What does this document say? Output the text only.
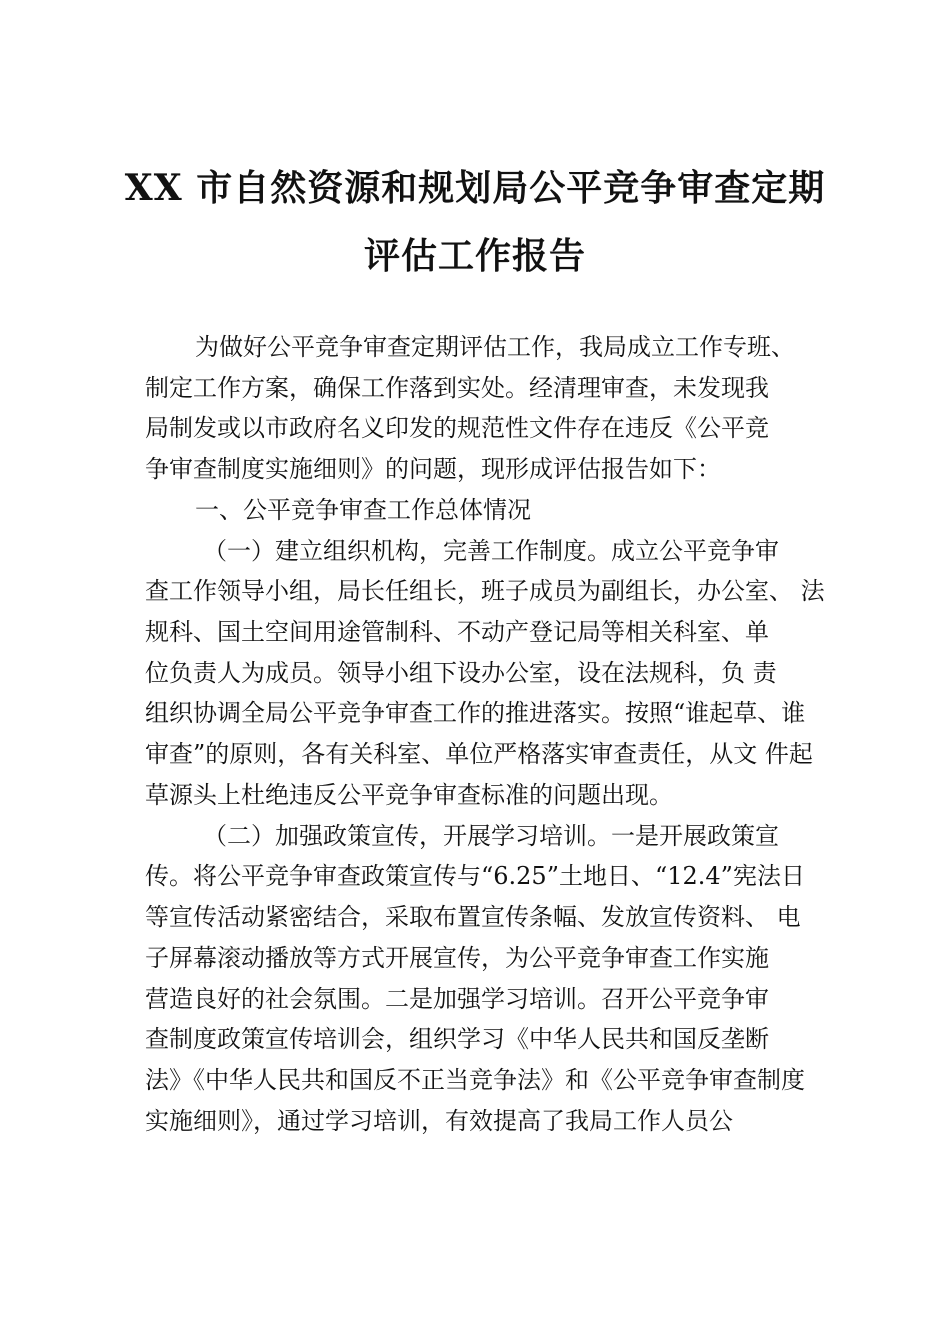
XX 市自然资源和规划局公平竞争审查定期
评估工作报告
为做好公平竞争审查定期评估工作，我局成立工作专班、
制定工作方案，确保工作落到实处。经清理审查，未发现我
局制发或以市政府名义印发的规范性文件存在违反《公平竞
争审查制度实施细则》的问题，现形成评估报告如下：
一、公平竞争审查工作总体情况
（一）建立组织机构，完善工作制度。成立公平竞争审
查工作领导小组，局长任组长，班子成员为副组长，办公室、 法
规科、国土空间用途管制科、不动产登记局等相关科室、单
位负责人为成员。领导小组下设办公室，设在法规科，负 责
组织协调全局公平竞争审查工作的推进落实。按照“谁起草、谁
审查”的原则，各有关科室、单位严格落实审查责任，从文 件起
草源头上杜绝违反公平竞争审查标准的问题出现。
（二）加强政策宣传，开展学习培训。一是开展政策宣
传。将公平竞争审查政策宣传与“6.25”土地日、“12.4”宪法日
等宣传活动紧密结合，采取布置宣传条幅、发放宣传资料、 电
子屏幕滚动播放等方式开展宣传，为公平竞争审查工作实施
营造良好的社会氛围。二是加强学习培训。召开公平竞争审
查制度政策宣传培训会，组织学习《中华人民共和国反垄断
法》《中华人民共和国反不正当竞争法》和《公平竞争审查制度
实施细则》，通过学习培训，有效提高了我局工作人员公
